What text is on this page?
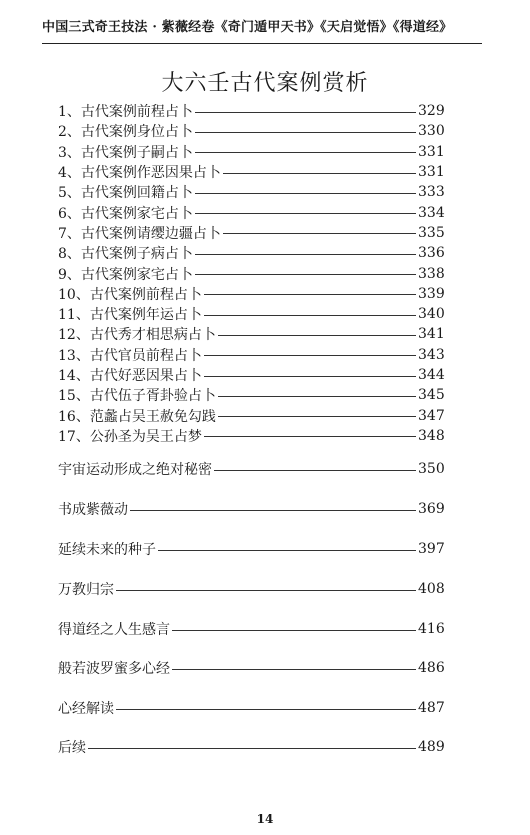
中国三式奇王技法 · 紫薇经卷《奇门遁甲天书》《天启觉悟》《得道经》
大六壬古代案例赏析
1、古代案例前程占卜	329
2、古代案例身位占卜	330
3、古代案例子嗣占卜	331
4、古代案例作恶因果占卜	331
5、古代案例回籍占卜	333
6、古代案例家宅占卜	334
7、古代案例请缨边疆占卜	335
8、古代案例子病占卜	336
9、古代案例家宅占卜	338
10、古代案例前程占卜	339
11、古代案例年运占卜	340
12、古代秀才相思病占卜	341
13、古代官员前程占卜	343
14、古代好恶因果占卜	344
15、古代伍子胥卦验占卜	345
16、范蠡占吴王赦免勾践	347
17、公孙圣为吴王占梦	348
宇宙运动形成之绝对秘密	350
书成紫薇动	369
延续未来的种子	397
万教归宗	408
得道经之人生感言	416
般若波罗蜜多心经	486
心经解读	487
后续	489
14
